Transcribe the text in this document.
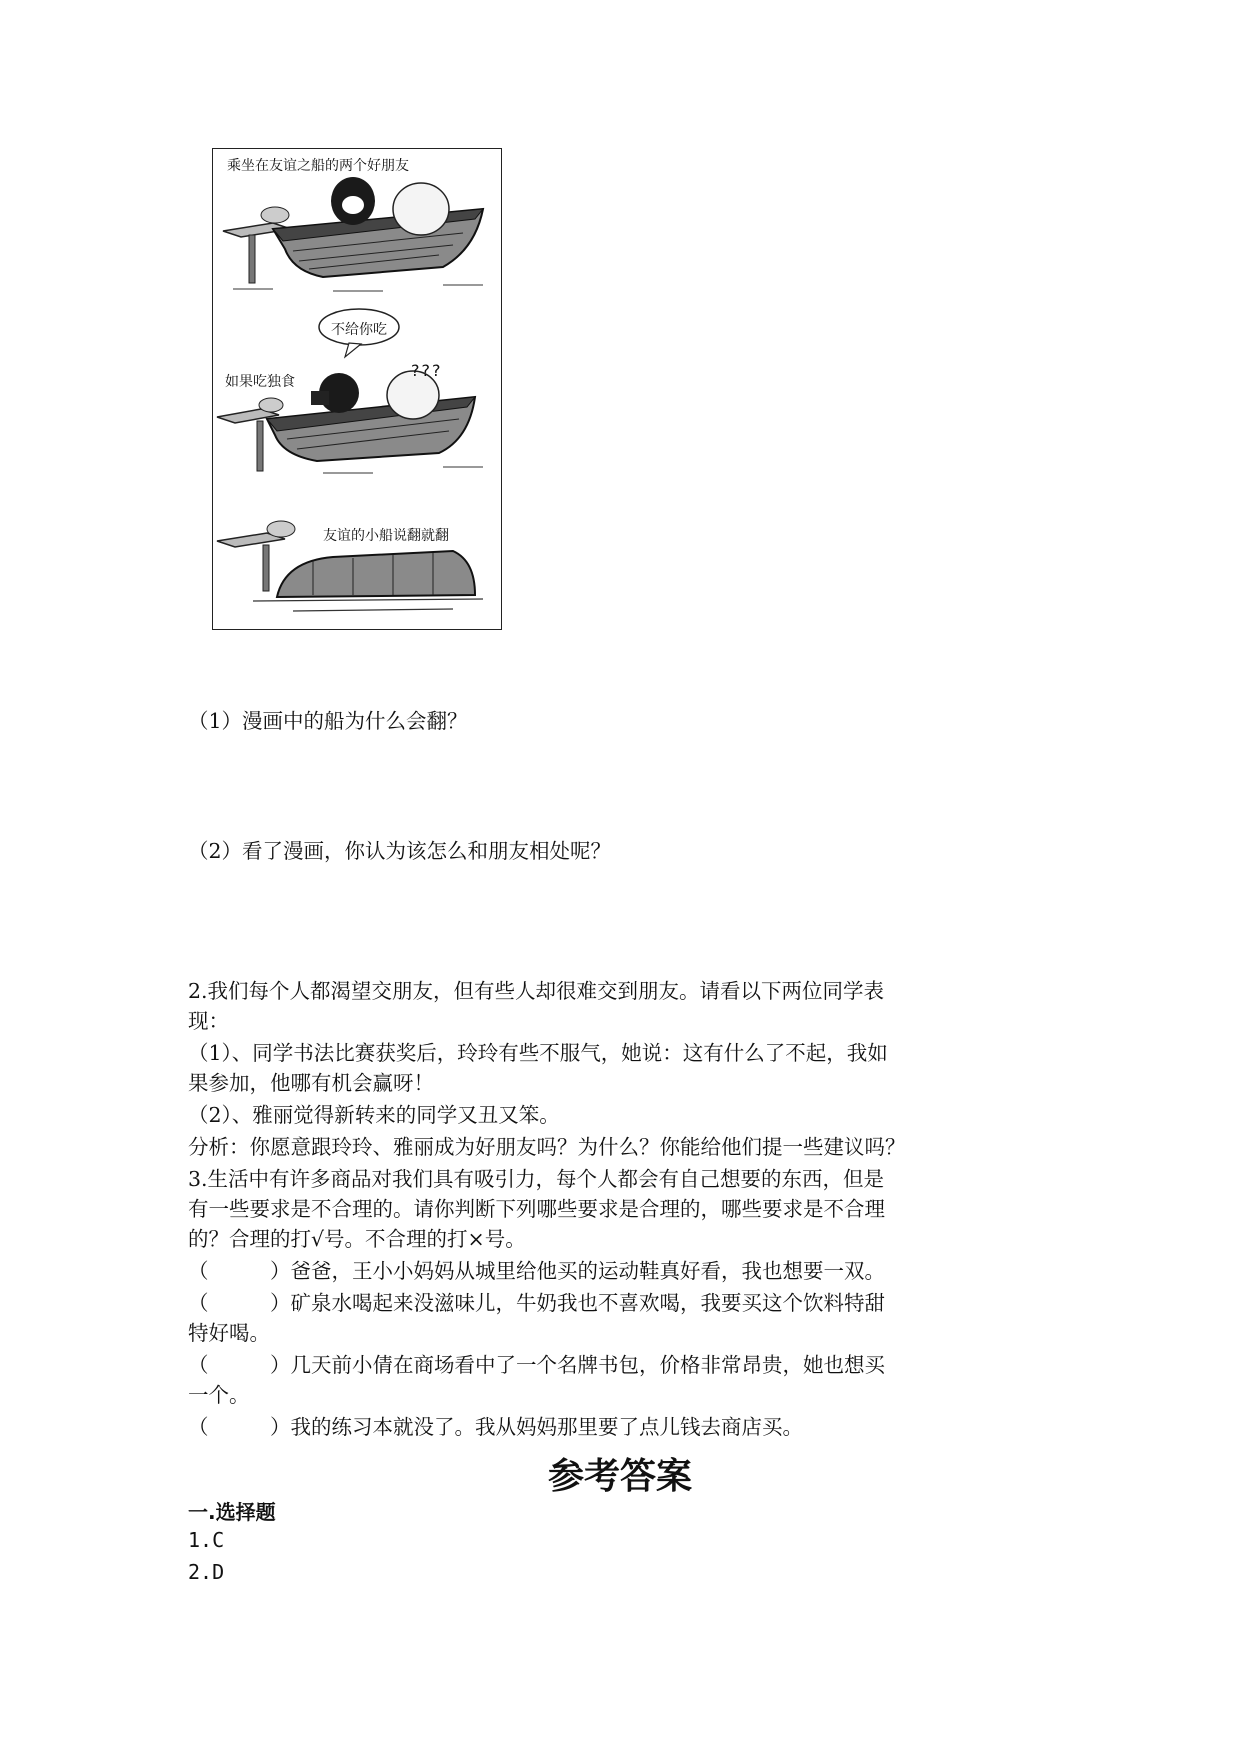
乘坐在友谊之船的两个好朋友
不给你吃
如果吃独食
???
友谊的小船说翻就翻
（1）漫画中的船为什么会翻？
（2）看了漫画，你认为该怎么和朋友相处呢？
2.我们每个人都渴望交朋友，但有些人却很难交到朋友。请看以下两位同学表
现：
（1）、同学书法比赛获奖后，玲玲有些不服气，她说：这有什么了不起，我如
果参加，他哪有机会赢呀！
（2）、雅丽觉得新转来的同学又丑又笨。
分析：你愿意跟玲玲、雅丽成为好朋友吗？为什么？你能给他们提一些建议吗？
3.生活中有许多商品对我们具有吸引力，每个人都会有自己想要的东西，但是
有一些要求是不合理的。请你判断下列哪些要求是合理的，哪些要求是不合理
的？合理的打√号。不合理的打×号。
（　　　）爸爸，王小小妈妈从城里给他买的运动鞋真好看，我也想要一双。
（　　　）矿泉水喝起来没滋味儿，牛奶我也不喜欢喝，我要买这个饮料特甜
特好喝。
（　　　）几天前小倩在商场看中了一个名牌书包，价格非常昂贵，她也想买
一个。
（　　　）我的练习本就没了。我从妈妈那里要了点儿钱去商店买。
参考答案
一.选择题
1.C
2.D
